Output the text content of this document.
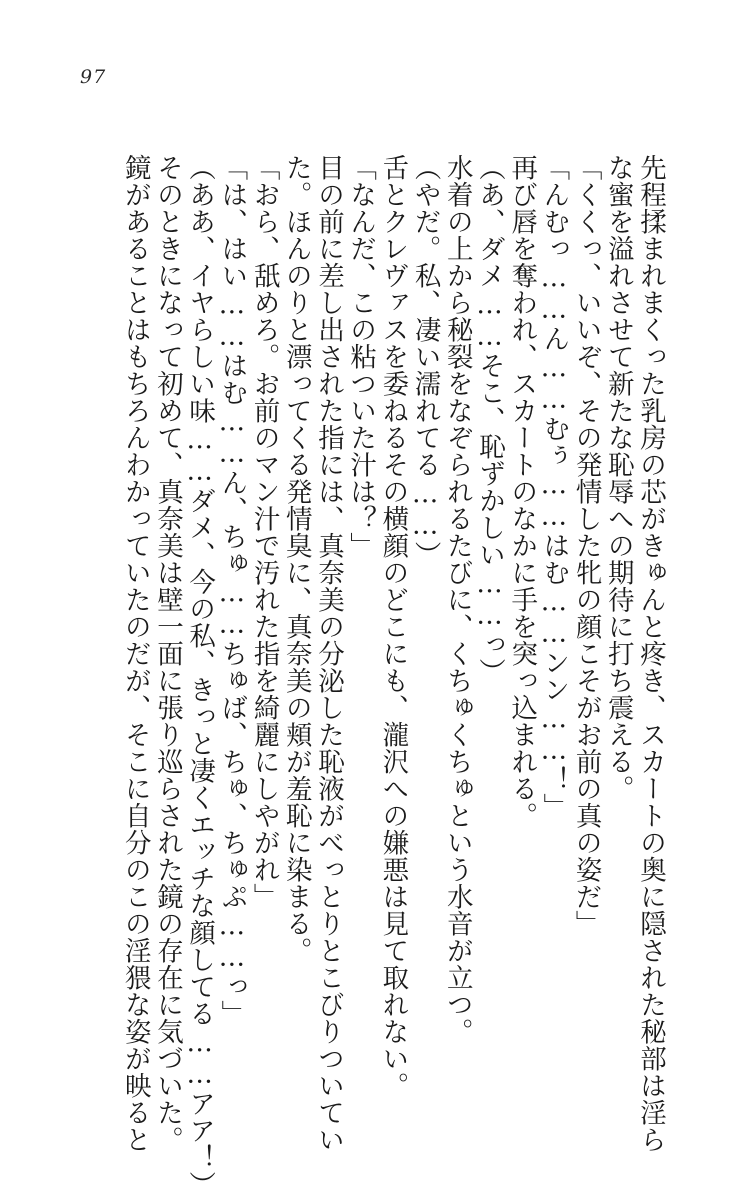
97
先程揉まれまくった乳房の芯がきゅんと疼き、スカートの奥に隠された秘部は淫ら
な蜜を溢れさせて新たな恥辱への期待に打ち震える。
「くくっ、いいぞ、その発情した牝の顔こそがお前の真の姿だ」
「んむっ……ん……むぅ……はむ……ンン……！」
再び唇を奪われ、スカートのなかに手を突っ込まれる。
（あ、ダメ……そこ、恥ずかしい……っ）
水着の上から秘裂をなぞられるたびに、くちゅくちゅという水音が立つ。
（やだ。私、凄い濡れてる……）
舌とクレヴァスを委ねるその横顔のどこにも、瀧沢への嫌悪は見て取れない。
「なんだ、この粘ついた汁は？」
目の前に差し出された指には、真奈美の分泌した恥液がべっとりとこびりついてい
た。ほんのりと漂ってくる発情臭に、真奈美の頬が羞恥に染まる。
「おら、舐めろ。お前のマン汁で汚れた指を綺麗にしやがれ」
「は、はい……はむ……ん、ちゅ……ちゅば、ちゅ、ちゅぷ……っ」
（ああ、イヤらしい味……ダメ、今の私、きっと凄くエッチな顔してる……アア！）
そのときになって初めて、真奈美は壁一面に張り巡らされた鏡の存在に気づいた。
鏡があることはもちろんわかっていたのだが、そこに自分のこの淫猥な姿が映ると
